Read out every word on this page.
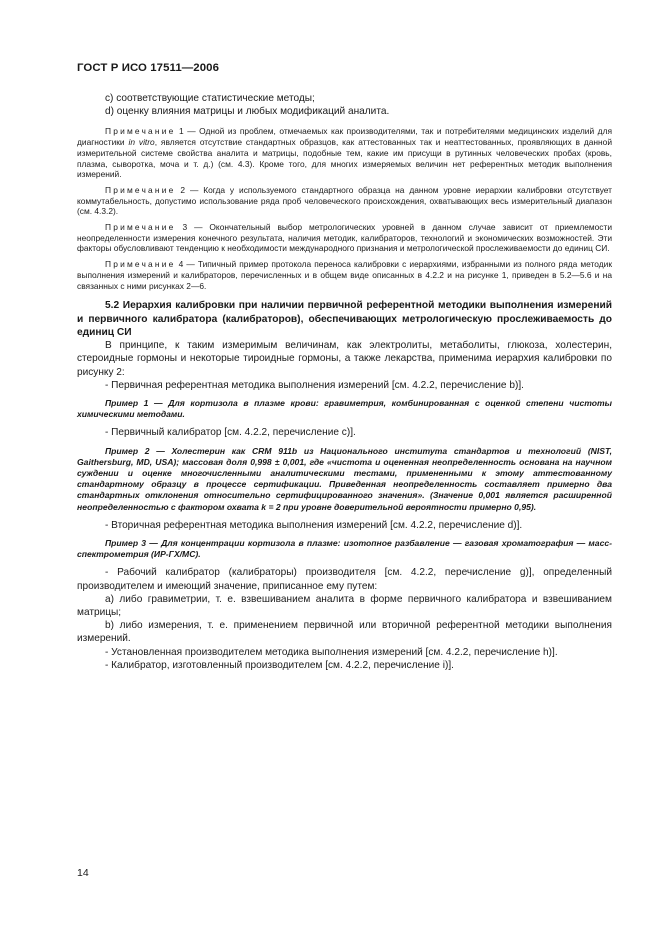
ГОСТ Р ИСО 17511—2006

c) соответствующие статистические методы;

d) оценку влияния матрицы и любых модификаций аналита.

Примечание 1 — Одной из проблем, отмечаемых как производителями, так и потребителями медицинских изделий для диагностики in vitro, является отсутствие стандартных образцов, как аттестованных так и неаттестованных, проявляющих в данной измерительной системе свойства аналита и матрицы, подобные тем, какие им присущи в рутинных человеческих пробах (кровь, плазма, сыворотка, моча и т. д.) (см. 4.3). Кроме того, для многих измеряемых величин нет референтных методик выполнения измерений.

Примечание 2 — Когда у используемого стандартного образца на данном уровне иерархии калибровки отсутствует коммутабельность, допустимо использование ряда проб человеческого происхождения, охватывающих весь измерительный диапазон (см. 4.3.2).

Примечание 3 — Окончательный выбор метрологических уровней в данном случае зависит от приемлемости неопределенности измерения конечного результата, наличия методик, калибраторов, технологий и экономических возможностей. Эти факторы обусловливают тенденцию к необходимости международного признания и метрологической прослеживаемости до единиц СИ.

Примечание 4 — Типичный пример протокола переноса калибровки с иерархиями, избранными из полного ряда методик выполнения измерений и калибраторов, перечисленных и в общем виде описанных в 4.2.2 и на рисунке 1, приведен в 5.2—5.6 и на связанных с ними рисунках 2—6.

5.2 Иерархия калибровки при наличии первичной референтной методики выполнения измерений и первичного калибратора (калибраторов), обеспечивающих метрологическую прослеживаемость до единиц СИ

В принципе, к таким измеримым величинам, как электролиты, метаболиты, глюкоза, холестерин, стероидные гормоны и некоторые тироидные гормоны, а также лекарства, применима иерархия калибровки по рисунку 2:

- Первичная референтная методика выполнения измерений [см. 4.2.2, перечисление b)].

Пример 1 — Для кортизола в плазме крови: гравиметрия, комбинированная с оценкой степени чистоты химическими методами.

- Первичный калибратор [см. 4.2.2, перечисление c)].

Пример 2 — Холестерин как CRM 911b из Национального института стандартов и технологий (NIST, Gaithersburg, MD, USA); массовая доля 0,998 ± 0,001, где «чистота и оцененная неопределенность основана на научном суждении и оценке многочисленными аналитическими тестами, примененными к этому аттестованному стандартному образцу в процессе сертификации. Приведенная неопределенность составляет примерно два стандартных отклонения относительно сертифицированного значения». (Значение 0,001 является расширенной неопределенностью с фактором охвата k = 2 при уровне доверительной вероятности примерно 0,95).

- Вторичная референтная методика выполнения измерений [см. 4.2.2, перечисление d)].

Пример 3 — Для концентрации кортизола в плазме: изотопное разбавление — газовая хроматография — масс-спектрометрия (ИР-ГХ/МС).

- Рабочий калибратор (калибраторы) производителя [см. 4.2.2, перечисление g)], определенный производителем и имеющий значение, приписанное ему путем:

a) либо гравиметрии, т. е. взвешиванием аналита в форме первичного калибратора и взвешиванием матрицы;

b) либо измерения, т. е. применением первичной или вторичной референтной методики выполнения измерений.

- Установленная производителем методика выполнения измерений [см. 4.2.2, перечисление h)].

- Калибратор, изготовленный производителем [см. 4.2.2, перечисление i)].

14
